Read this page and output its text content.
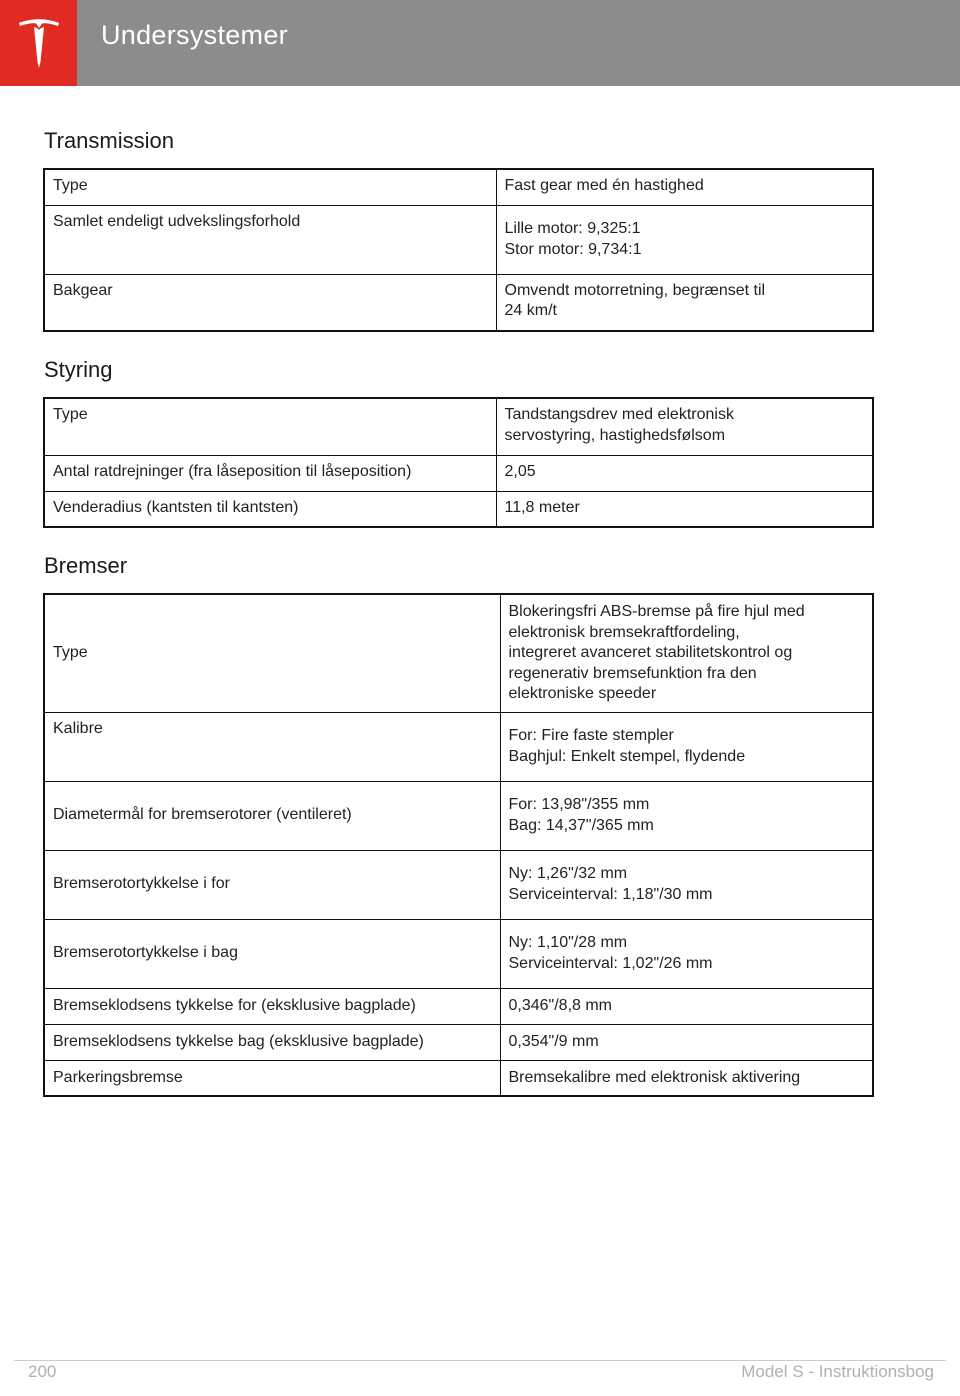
Undersystemer
Transmission
Type	Fast gear med én hastighed
Samlet endeligt udvekslingsforhold	Lille motor: 9,325:1
Stor motor: 9,734:1
Bakgear	Omvendt motorretning, begrænset til
24 km/t
Styring
Type	Tandstangsdrev med elektronisk
servostyring, hastighedsfølsom
Antal ratdrejninger (fra låseposition til låseposition)	2,05
Venderadius (kantsten til kantsten)	11,8 meter
Bremser
Type	Blokeringsfri ABS-bremse på fire hjul med
elektronisk bremsekraftfordeling,
integreret avanceret stabilitetskontrol og
regenerativ bremsefunktion fra den
elektroniske speeder
Kalibre	For: Fire faste stempler
Baghjul: Enkelt stempel, flydende
Diametermål for bremserotorer (ventileret)	For: 13,98"/355 mm
Bag: 14,37"/365 mm
Bremserotortykkelse i for	Ny: 1,26"/32 mm
Serviceinterval: 1,18"/30 mm
Bremserotortykkelse i bag	Ny: 1,10"/28 mm
Serviceinterval: 1,02"/26 mm
Bremseklodsens tykkelse for (eksklusive bagplade)	0,346"/8,8 mm
Bremseklodsens tykkelse bag (eksklusive bagplade)	0,354"/9 mm
Parkeringsbremse	Bremsekalibre med elektronisk aktivering
200	Model S - Instruktionsbog
